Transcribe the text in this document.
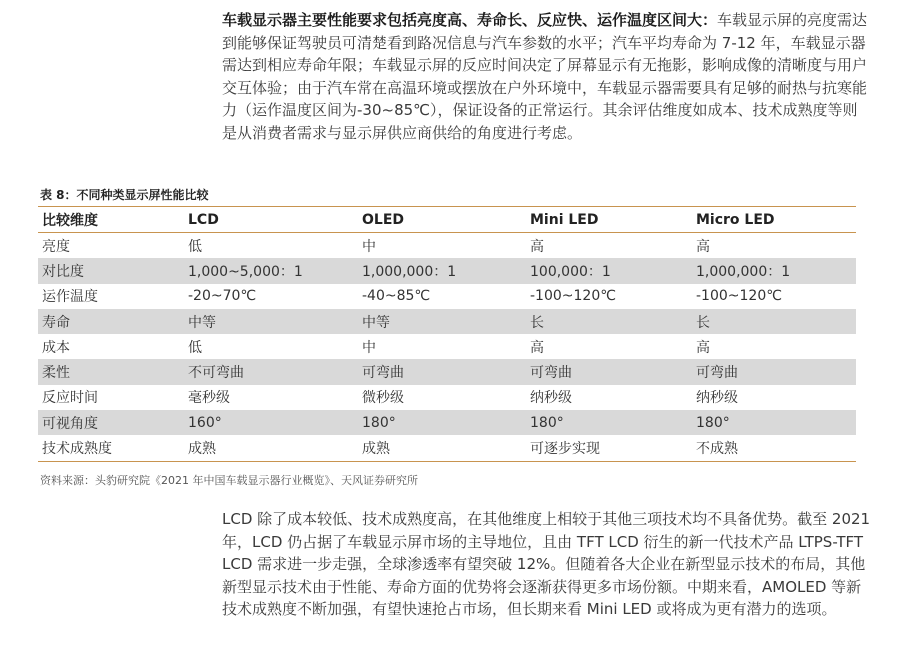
车载显示器主要性能要求包括亮度高、寿命长、反应快、运作温度区间大：车载显示屏的亮度需达到能够保证驾驶员可清楚看到路况信息与汽车参数的水平；汽车平均寿命为 7-12 年，车载显示器需达到相应寿命年限；车载显示屏的反应时间决定了屏幕显示有无拖影，影响成像的清晰度与用户交互体验；由于汽车常在高温环境或摆放在户外环境中，车载显示器需要具有足够的耐热与抗寒能力（运作温度区间为-30~85℃），保证设备的正常运行。其余评估维度如成本、技术成熟度等则是从消费者需求与显示屏供应商供给的角度进行考虑。
表 8：不同种类显示屏性能比较
比较维度	LCD	OLED	Mini LED	Micro LED
亮度	低	中	高	高
对比度	1,000~5,000：1	1,000,000：1	100,000：1	1,000,000：1
运作温度	-20~70℃	-40~85℃	-100~120℃	-100~120℃
寿命	中等	中等	长	长
成本	低	中	高	高
柔性	不可弯曲	可弯曲	可弯曲	可弯曲
反应时间	毫秒级	微秒级	纳秒级	纳秒级
可视角度	160°	180°	180°	180°
技术成熟度	成熟	成熟	可逐步实现	不成熟
资料来源：头豹研究院《2021 年中国车载显示器行业概览》、天风证券研究所
LCD 除了成本较低、技术成熟度高，在其他维度上相较于其他三项技术均不具备优势。截至 2021 年，LCD 仍占据了车载显示屏市场的主导地位，且由 TFT LCD 衍生的新一代技术产品 LTPS-TFT LCD 需求进一步走强，全球渗透率有望突破 12%。但随着各大企业在新型显示技术的布局，其他新型显示技术由于性能、寿命方面的优势将会逐渐获得更多市场份额。中期来看，AMOLED 等新技术成熟度不断加强，有望快速抢占市场，但长期来看 Mini LED 或将成为更有潜力的选项。
